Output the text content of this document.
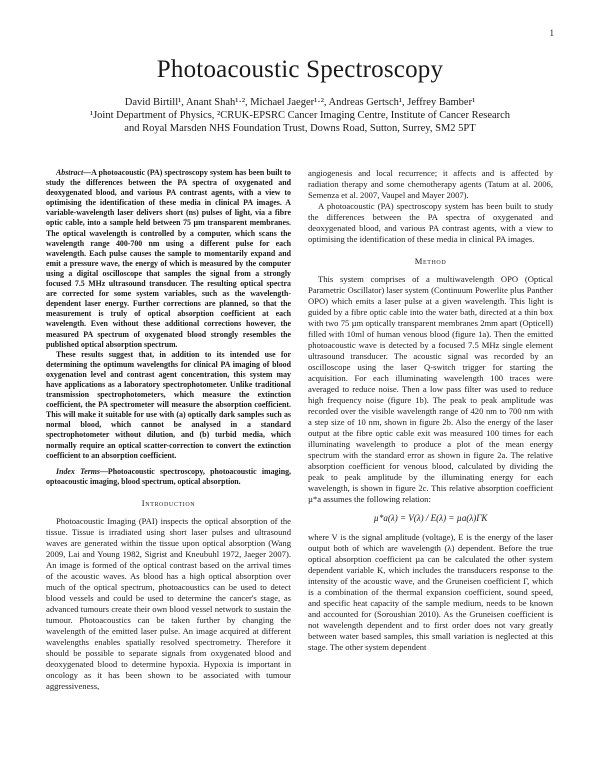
1
Photoacoustic Spectroscopy
David Birtill¹, Anant Shah¹·², Michael Jaeger¹·², Andreas Gertsch¹, Jeffrey Bamber¹
¹Joint Department of Physics, ²CRUK-EPSRC Cancer Imaging Centre, Institute of Cancer Research
and Royal Marsden NHS Foundation Trust, Downs Road, Sutton, Surrey, SM2 5PT

Abstract—A photoacoustic (PA) spectroscopy system has been built to study the differences between the PA spectra of oxygenated and deoxygenated blood, and various PA contrast agents, with a view to optimising the identification of these media in clinical PA images. A variable-wavelength laser delivers short (ns) pulses of light, via a fibre optic cable, into a sample held between 75 µm transparent membranes. The optical wavelength is controlled by a computer, which scans the wavelength range 400-700 nm using a different pulse for each wavelength. Each pulse causes the sample to momentarily expand and emit a pressure wave, the energy of which is measured by the computer using a digital oscilloscope that samples the signal from a strongly focused 7.5 MHz ultrasound transducer. The resulting optical spectra are corrected for some system variables, such as the wavelength-dependent laser energy. Further corrections are planned, so that the measurement is truly of optical absorption coefficient at each wavelength. Even without these additional corrections however, the measured PA spectrum of oxygenated blood strongly resembles the published optical absorption spectrum.

These results suggest that, in addition to its intended use for determining the optimum wavelengths for clinical PA imaging of blood oxygenation level and contrast agent concentration, this system may have applications as a laboratory spectrophotometer. Unlike traditional transmission spectrophotometers, which measure the extinction coefficient, the PA spectrometer will measure the absorption coefficient. This will make it suitable for use with (a) optically dark samples such as normal blood, which cannot be analysed in a standard spectrophotometer without dilution, and (b) turbid media, which normally require an optical scatter-correction to convert the extinction coefficient to an absorption coefficient.

Index Terms—Photoacoustic spectroscopy, photoacoustic imaging, optoacoustic imaging, blood spectrum, optical absorption.

Introduction

Photoacoustic Imaging (PAI) inspects the optical absorption of the tissue. Tissue is irradiated using short laser pulses and ultrasound waves are generated within the tissue upon optical absorption (Wang 2009, Lai and Young 1982, Sigrist and Kneubuhl 1972, Jaeger 2007). An image is formed of the optical contrast based on the arrival times of the acoustic waves. As blood has a high optical absorption over much of the optical spectrum, photoacoustics can be used to detect blood vessels and could be used to determine the cancer's stage, as advanced tumours create their own blood vessel network to sustain the tumour. Photoacoustics can be taken further by changing the wavelength of the emitted laser pulse. An image acquired at different wavelengths enables spatially resolved spectrometry. Therefore it should be possible to separate signals from oxygenated blood and deoxygenated blood to determine hypoxia. Hypoxia is important in oncology as it has been shown to be associated with tumour aggressiveness,

angiogenesis and local recurrence; it affects and is affected by radiation therapy and some chemotherapy agents (Tatum at al. 2006, Semenza et al. 2007, Vaupel and Mayer 2007).

A photoacoustic (PA) spectroscopy system has been built to study the differences between the PA spectra of oxygenated and deoxygenated blood, and various PA contrast agents, with a view to optimising the identification of these media in clinical PA images.

Method

This system comprises of a multiwavelength OPO (Optical Parametric Oscillator) laser system (Continuum Powerlite plus Panther OPO) which emits a laser pulse at a given wavelength. This light is guided by a fibre optic cable into the water bath, directed at a thin box with two 75 µm optically transparent membranes 2mm apart (Opticell) filled with 10ml of human venous blood (figure 1a). Then the emitted photoacoustic wave is detected by a focused 7.5 MHz single element ultrasound transducer. The acoustic signal was recorded by an oscilloscope using the laser Q-switch trigger for starting the acquisition. For each illuminating wavelength 100 traces were averaged to reduce noise. Then a low pass filter was used to reduce high frequency noise (figure 1b). The peak to peak amplitude was recorded over the visible wavelength range of 420 nm to 700 nm with a step size of 10 nm, shown in figure 2b. Also the energy of the laser output at the fibre optic cable exit was measured 100 times for each illuminating wavelength to produce a plot of the mean energy spectrum with the standard error as shown in figure 2a. The relative absorption coefficient for venous blood, calculated by dividing the peak to peak amplitude by the illuminating energy for each wavelength, is shown in figure 2c. This relative absorption coefficient µ*a assumes the following relation:

µ*a(λ) = V(λ) / E(λ) = µa(λ)ΓK

where V is the signal amplitude (voltage), E is the energy of the laser output both of which are wavelength (λ) dependent. Before the true optical absorption coefficient µa can be calculated the other system dependent variable K, which includes the transducers response to the intensity of the acoustic wave, and the Gruneisen coefficient Γ, which is a combination of the thermal expansion coefficient, sound speed, and specific heat capacity of the sample medium, needs to be known and accounted for (Soroushian 2010). As the Gruneisen coefficient is not wavelength dependent and to first order does not vary greatly between water based samples, this small variation is neglected at this stage. The other system dependent
